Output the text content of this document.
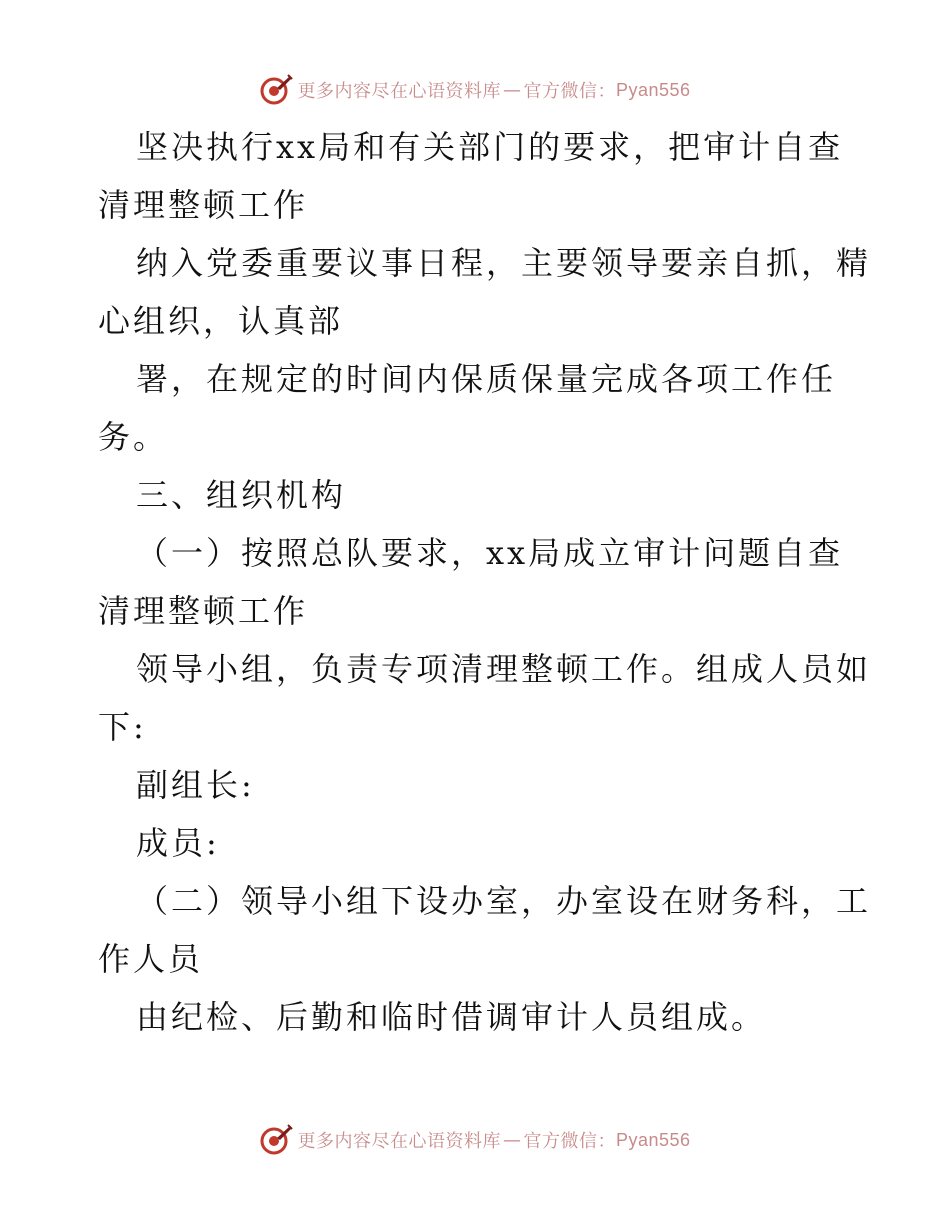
更多内容尽在心语资料库 — 官方微信： Pyan556
坚决执行xx局和有关部门的要求，把审计自查
清理整顿工作
纳入党委重要议事日程，主要领导要亲自抓，精
心组织，认真部
署，在规定的时间内保质保量完成各项工作任
务。
三、组织机构
（一）按照总队要求，xx局成立审计问题自查
清理整顿工作
领导小组，负责专项清理整顿工作。组成人员如
下:
副组长:
成员:
（二）领导小组下设办室，办室设在财务科，工
作人员
由纪检、后勤和临时借调审计人员组成。
更多内容尽在心语资料库 — 官方微信： Pyan556
